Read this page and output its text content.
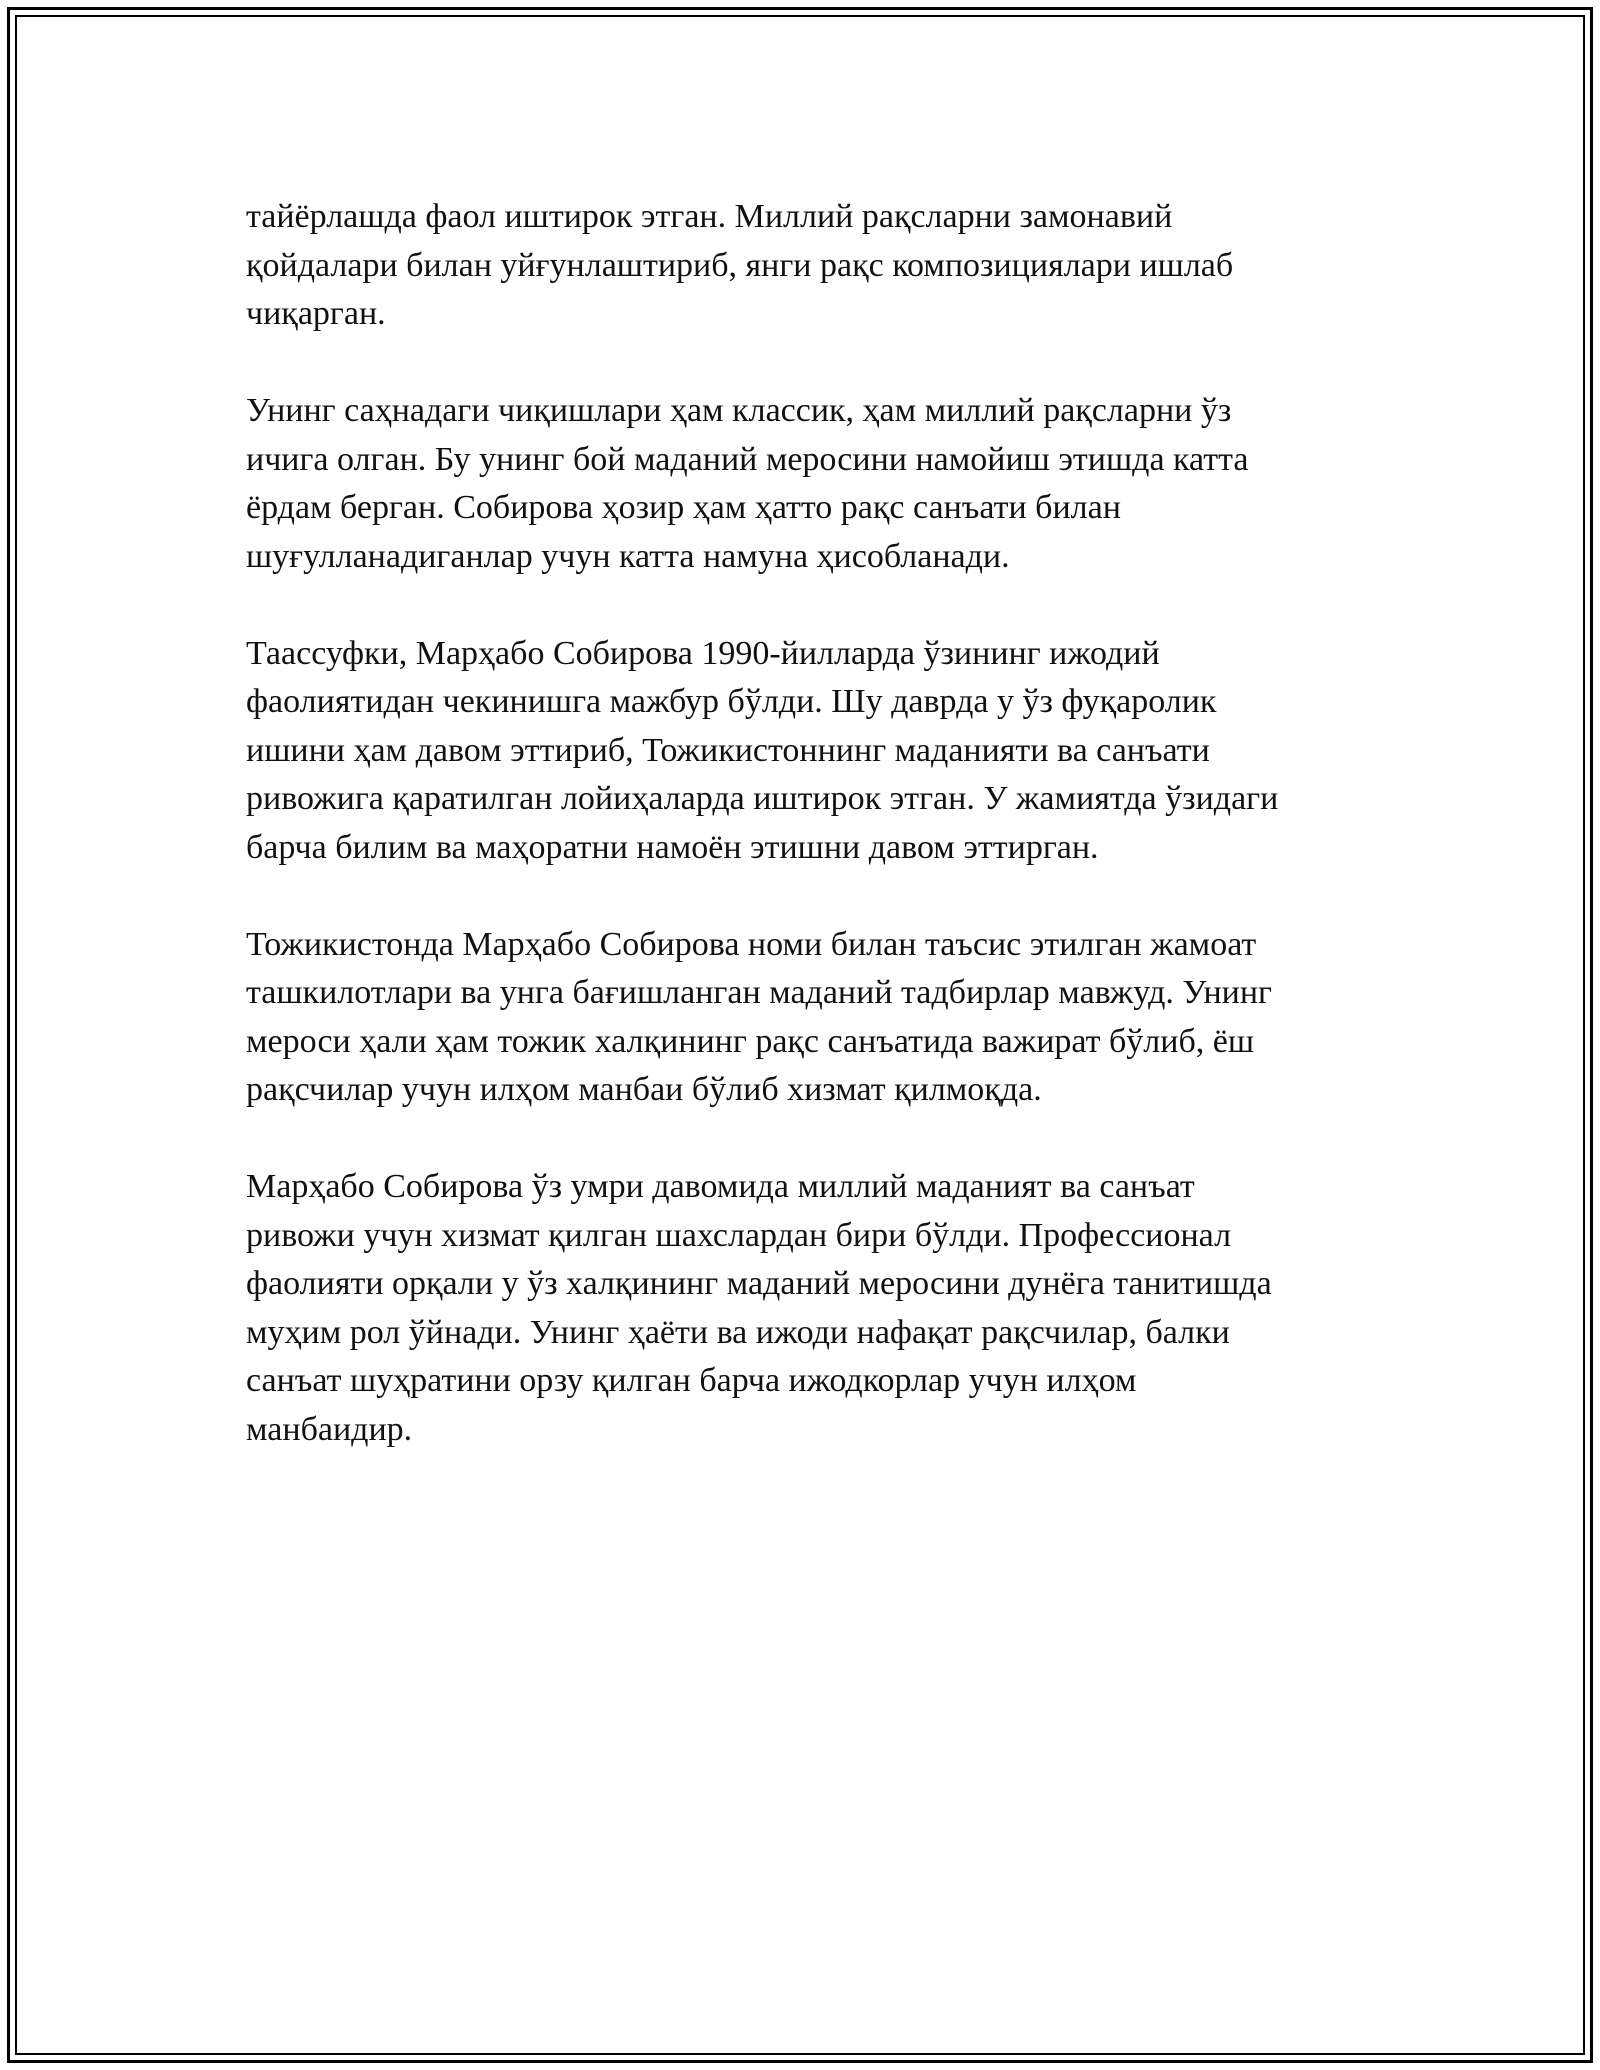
тайёрлашда фаол иштирок этган. Миллий рақсларни замонавий
қойдалари билан уйғунлаштириб, янги рақс композициялари ишлаб
чиқарган.

Унинг саҳнадаги чиқишлари ҳам классик, ҳам миллий рақсларни ўз
ичига олган. Бу унинг бой маданий меросини намойиш этишда катта
ёрдам берган. Собирова ҳозир ҳам ҳатто рақс санъати билан
шуғулланадиганлар учун катта намуна ҳисобланади.

Таассуфки, Марҳабо Собирова 1990-йилларда ўзининг ижодий
фаолиятидан чекинишга мажбур бўлди. Шу даврда у ўз фуқаролик
ишини ҳам давом эттириб, Тожикистоннинг маданияти ва санъати
ривожига қаратилган лойиҳаларда иштирок этган. У жамиятда ўзидаги
барча билим ва маҳоратни намоён этишни давом эттирган.

Тожикистонда Марҳабо Собирова номи билан таъсис этилган жамоат
ташкилотлари ва унга бағишланган маданий тадбирлар мавжуд. Унинг
мероси ҳали ҳам тожик халқининг рақс санъатида важират бўлиб, ёш
рақсчилар учун илҳом манбаи бўлиб хизмат қилмоқда.

Марҳабо Собирова ўз умри давомида миллий маданият ва санъат
ривожи учун хизмат қилган шахслардан бири бўлди. Профессионал
фаолияти орқали у ўз халқининг маданий меросини дунёга танитишда
муҳим рол ўйнади. Унинг ҳаёти ва ижоди нафақат рақсчилар, балки
санъат шуҳратини орзу қилган барча ижодкорлар учун илҳом
манбаидир.
